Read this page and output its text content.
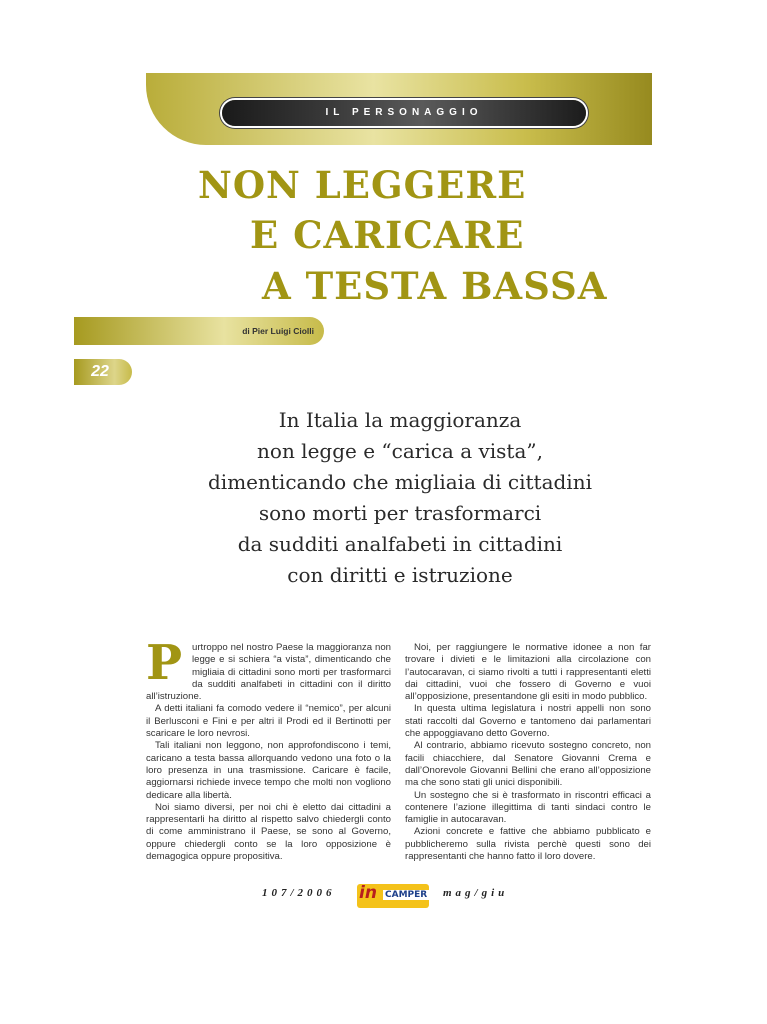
IL PERSONAGGIO
NON LEGGERE
E CARICARE
A TESTA BASSA
di Pier Luigi Ciolli
22
In Italia la maggioranza
non legge e “carica a vista”,
dimenticando che migliaia di cittadini
sono morti per trasformarci
da sudditi analfabeti in cittadini
con diritti e istruzione
P	urtroppo nel nostro Paese la maggioranza non legge e si schiera “a vista”, dimenticando che migliaia di cittadini sono morti per trasformarci da sudditi analfabeti in cittadini con il diritto all’istruzione.

A detti italiani fa comodo vedere il “nemico”, per alcuni il Berlusconi e Fini e per altri il Prodi ed il Bertinotti per scaricare le loro nevrosi.

Tali italiani non leggono, non approfondiscono i temi, caricano a testa bassa allorquando vedono una foto o la loro presenza in una trasmissione. Caricare è facile, aggiornarsi richiede invece tempo che molti non vogliono dedicare alla libertà.

Noi siamo diversi, per noi chi è eletto dai cittadini a rappresentarli ha diritto al rispetto salvo chiedergli conto di come amministrano il Paese, se sono al Governo, oppure chiedergli conto se la loro opposizione è demagogica oppure propositiva.

Noi, per raggiungere le normative idonee a non far trovare i divieti e le limitazioni alla circolazione con l’autocaravan, ci siamo rivolti a tutti i rappresentanti eletti dai cittadini, vuoi che fossero di Governo e vuoi all’opposizione, presentandone gli esiti in modo pubblico.

In questa ultima legislatura i nostri appelli non sono stati raccolti dal Governo e tantomeno dai parlamentari che appoggiavano detto Governo.

Al contrario, abbiamo ricevuto sostegno concreto, non facili chiacchiere, dal Senatore Giovanni Crema e dall’Onorevole Giovanni Bellini che erano all’opposizione ma che sono stati gli unici disponibili.

Un sostegno che si è trasformato in riscontri efficaci a contenere l’azione illegittima di tanti sindaci contro le famiglie in autocaravan.

Azioni concrete e fattive che abbiamo pubblicato e pubblicheremo sulla rivista perchè questi sono dei rappresentanti che hanno fatto il loro dovere.

107/2006 in CAMPER mag/giu
